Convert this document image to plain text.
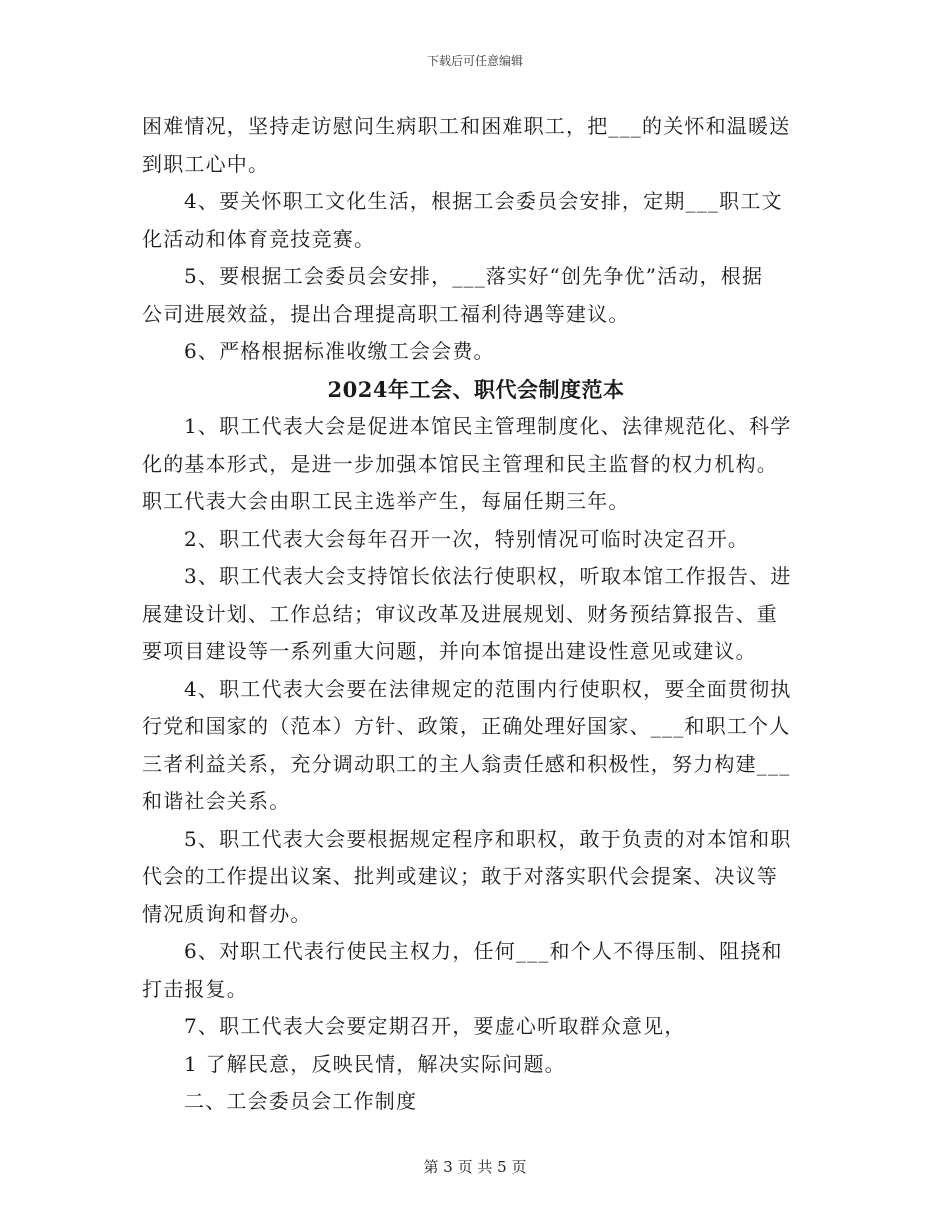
下载后可任意编辑

困难情况，坚持走访慰问生病职工和困难职工，把___的关怀和温暖送

到职工心中。

4、要关怀职工文化生活，根据工会委员会安排，定期___职工文

化活动和体育竞技竞赛。

5、要根据工会委员会安排，___落实好“创先争优”活动，根据

公司进展效益，提出合理提高职工福利待遇等建议。

6、严格根据标准收缴工会会费。

2024年工会、职代会制度范本

1、职工代表大会是促进本馆民主管理制度化、法律规范化、科学

化的基本形式，是进一步加强本馆民主管理和民主监督的权力机构。

职工代表大会由职工民主选举产生，每届任期三年。

2、职工代表大会每年召开一次，特别情况可临时决定召开。

3、职工代表大会支持馆长依法行使职权，听取本馆工作报告、进

展建设计划、工作总结；审议改革及进展规划、财务预结算报告、重

要项目建设等一系列重大问题，并向本馆提出建设性意见或建议。

4、职工代表大会要在法律规定的范围内行使职权，要全面贯彻执

行党和国家的（范本）方针、政策，正确处理好国家、___和职工个人

三者利益关系，充分调动职工的主人翁责任感和积极性，努力构建___

和谐社会关系。

5、职工代表大会要根据规定程序和职权，敢于负责的对本馆和职

代会的工作提出议案、批判或建议；敢于对落实职代会提案、决议等

情况质询和督办。

6、对职工代表行使民主权力，任何___和个人不得压制、阻挠和

打击报复。

7、职工代表大会要定期召开，要虚心听取群众意见，

1 了解民意，反映民情，解决实际问题。

二、工会委员会工作制度

第 3 页 共 5 页
